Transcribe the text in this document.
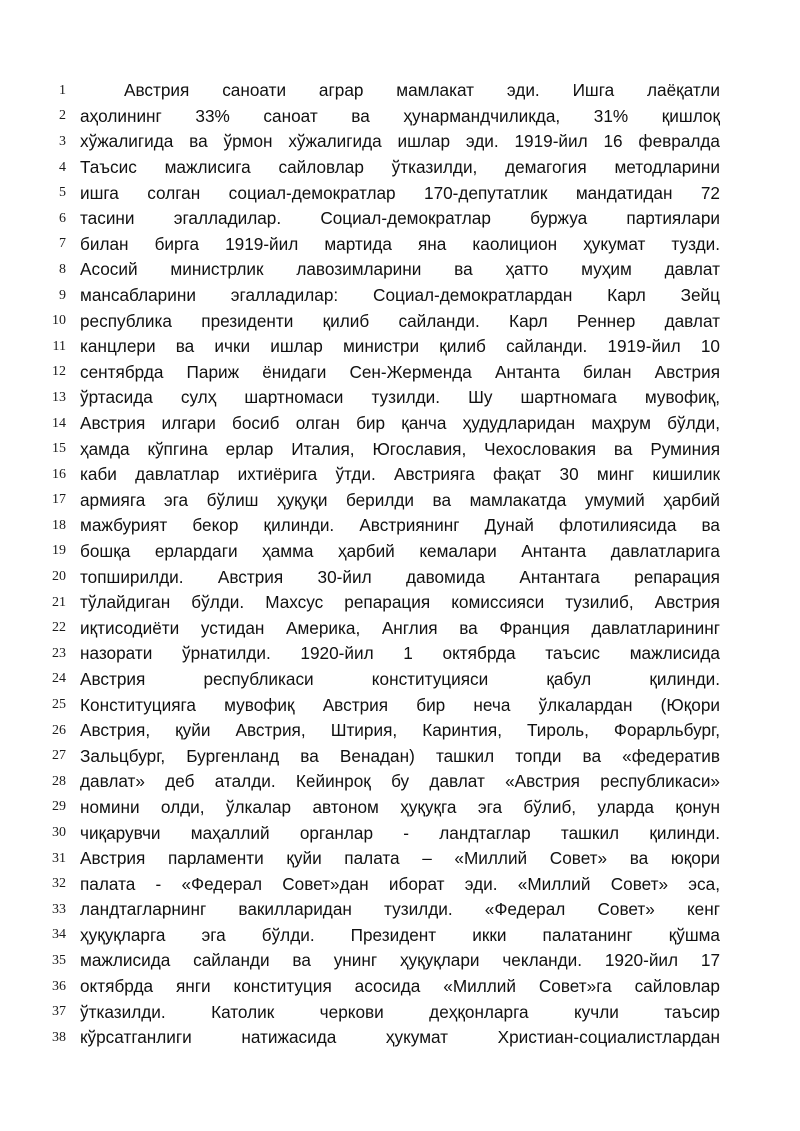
1	Австрия саноати аграр мамлакат эди. Ишга лаёқатли
2 аҳолининг 33% саноат ва ҳунармандчиликда, 31% қишлоқ
3 хўжалигида ва ўрмон хўжалигида ишлар эди. 1919-йил 16 февралда
4 Таъсис мажлисига сайловлар ўтказилди, демагогия методларини
5 ишга солган социал-демократлар 170-депутатлик мандатидан 72
6 тасини эгалладилар. Социал-демократлар буржуа партиялари
7 билан бирга 1919-йил мартида яна каолицион ҳукумат тузди.
8 Асосий министрлик лавозимларини ва ҳатто муҳим давлат
9 мансабларини эгалладилар: Социал-демократлардан Карл Зейц
10 республика президенти қилиб сайланди. Карл Реннер давлат
11 канцлери ва ички ишлар министри қилиб сайланди. 1919-йил 10
12 сентябрда Париж ёнидаги Сен-Жерменда Антанта билан Австрия
13 ўртасида сулҳ шартномаси тузилди. Шу шартномага мувофиқ,
14 Австрия илгари босиб олган бир қанча ҳудудларидан маҳрум бўлди,
15 ҳамда кўпгина ерлар Италия, Югославия, Чехословакия ва Руминия
16 каби давлатлар ихтиёрига ўтди. Австрияга фақат 30 минг кишилик
17 армияга эга бўлиш ҳуқуқи берилди ва мамлакатда умумий ҳарбий
18 мажбурият бекор қилинди. Австриянинг Дунай флотилиясида ва
19 бошқа ерлардаги ҳамма ҳарбий кемалари Антанта давлатларига
20 топширилди. Австрия 30-йил давомида Антантага репарация
21 тўлайдиган бўлди. Махсус репарация комиссияси тузилиб, Австрия
22 иқтисодиёти устидан Америка, Англия ва Франция давлатларининг
23 назорати ўрнатилди. 1920-йил 1 октябрда таъсис мажлисида
24 Австрия республикаси конституцияси қабул қилинди.
25 Конституцияга мувофиқ Австрия бир неча ўлкалардан (Юқори
26 Австрия, қуйи Австрия, Штирия, Каринтия, Тироль, Форарльбург,
27 Зальцбург, Бургенланд ва Венадан) ташкил топди ва «федератив
28 давлат» деб аталди. Кейинроқ бу давлат «Австрия республикаси»
29 номини олди, ўлкалар автоном ҳуқуқга эга бўлиб, уларда қонун
30 чиқарувчи маҳаллий органлар - ландтаглар ташкил қилинди.
31 Австрия парламенти қуйи палата – «Миллий Совет» ва юқори
32 палата - «Федерал Совет»дан иборат эди. «Миллий Совет» эса,
33 ландтагларнинг вакилларидан тузилди. «Федерал Совет» кенг
34 ҳуқуқларга эга бўлди. Президент икки палатанинг қўшма
35 мажлисида сайланди ва унинг ҳуқуқлари чекланди. 1920-йил 17
36 октябрда янги конституция асосида «Миллий Совет»га сайловлар
37 ўтказилди. Католик черкови деҳқонларга кучли таъсир
38 кўрсатганлиги натижасида ҳукумат Христиан-социалистлардан
